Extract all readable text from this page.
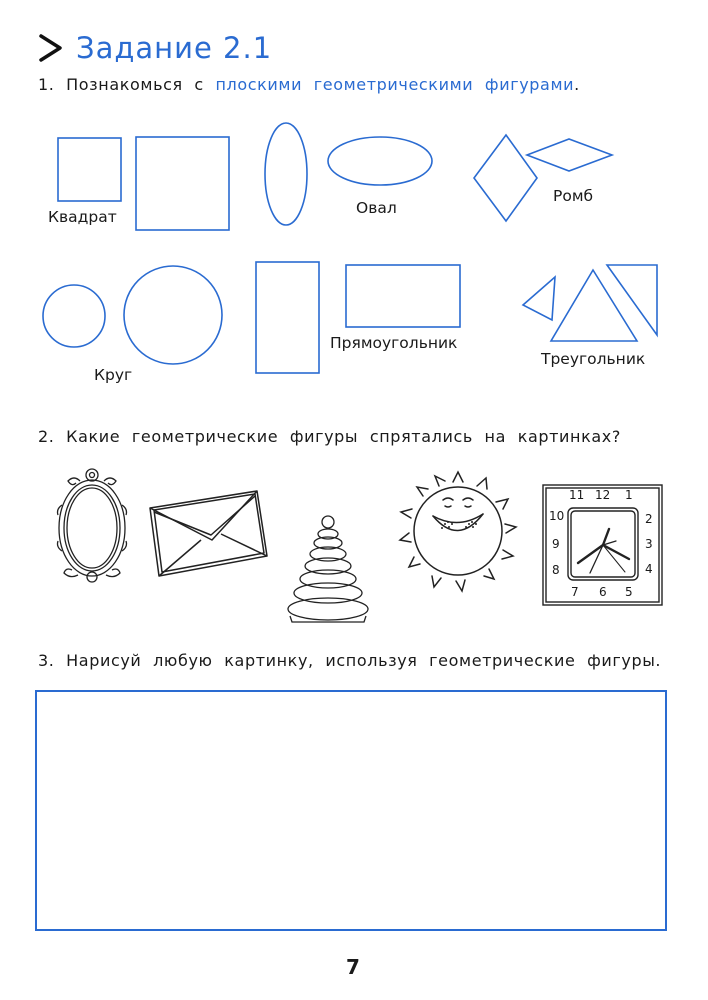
Задание 2.1
1. Познакомься с плоскими геометрическими фигурами.
Квадрат	Овал
Ромб
Круг
Прямоугольник
Треугольник
2. Какие геометрические фигуры спрятались на картинках?
11 12 1
10	2
9	3
8	4
7 6 5
3. Нарисуй любую картинку, используя геометрические фигуры.
7
